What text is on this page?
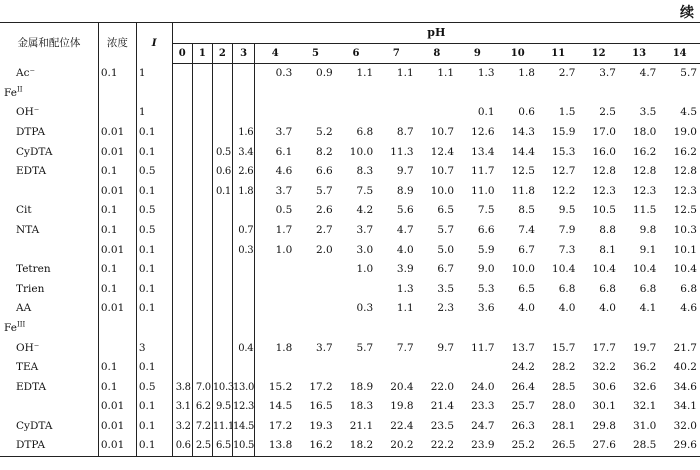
续
金属和配位体	浓度	I	pH														
			0	1	2	3	4	5	6	7	8	9	10	11	12	13	14
Ac⁻	0.1	1					0.3	0.9	1.1	1.1	1.1	1.3	1.8	2.7	3.7	4.7	5.7
$Fe^{II}$																	
OH⁻		1										0.1	0.6	1.5	2.5	3.5	4.5
DTPA	0.01	0.1				1.6	3.7	5.2	6.8	8.7	10.7	12.6	14.3	15.9	17.0	18.0	19.0
CyDTA	0.01	0.1			0.5	3.4	6.1	8.2	10.0	11.3	12.4	13.4	14.4	15.3	16.0	16.2	16.2
EDTA	0.1	0.5			0.6	2.6	4.6	6.6	8.3	9.7	10.7	11.7	12.5	12.7	12.8	12.8	12.8
	0.01	0.1			0.1	1.8	3.7	5.7	7.5	8.9	10.0	11.0	11.8	12.2	12.3	12.3	12.3
Cit	0.1	0.5					0.5	2.6	4.2	5.6	6.5	7.5	8.5	9.5	10.5	11.5	12.5
NTA	0.1	0.5				0.7	1.7	2.7	3.7	4.7	5.7	6.6	7.4	7.9	8.8	9.8	10.3
	0.01	0.1				0.3	1.0	2.0	3.0	4.0	5.0	5.9	6.7	7.3	8.1	9.1	10.1
Tetren	0.1	0.1							1.0	3.9	6.7	9.0	10.0	10.4	10.4	10.4	10.4
Trien	0.1	0.1								1.3	3.5	5.3	6.5	6.8	6.8	6.8	6.8
AA	0.01	0.1							0.3	1.1	2.3	3.6	4.0	4.0	4.0	4.1	4.6
$Fe^{III}$																	
OH⁻		3				0.4	1.8	3.7	5.7	7.7	9.7	11.7	13.7	15.7	17.7	19.7	21.7
TEA	0.1	0.1											24.2	28.2	32.2	36.2	40.2
EDTA	0.1	0.5	3.8	7.0	10.3	13.0	15.2	17.2	18.9	20.4	22.0	24.0	26.4	28.5	30.6	32.6	34.6
	0.01	0.1	3.1	6.2	9.5	12.3	14.5	16.5	18.3	19.8	21.4	23.3	25.7	28.0	30.1	32.1	34.1
CyDTA	0.01	0.1	3.2	7.2	11.1	14.5	17.2	19.3	21.1	22.4	23.5	24.7	26.3	28.1	29.8	31.0	32.0
DTPA	0.01	0.1	0.6	2.5	6.5	10.5	13.8	16.2	18.2	20.2	22.2	23.9	25.2	26.5	27.6	28.5	29.6
